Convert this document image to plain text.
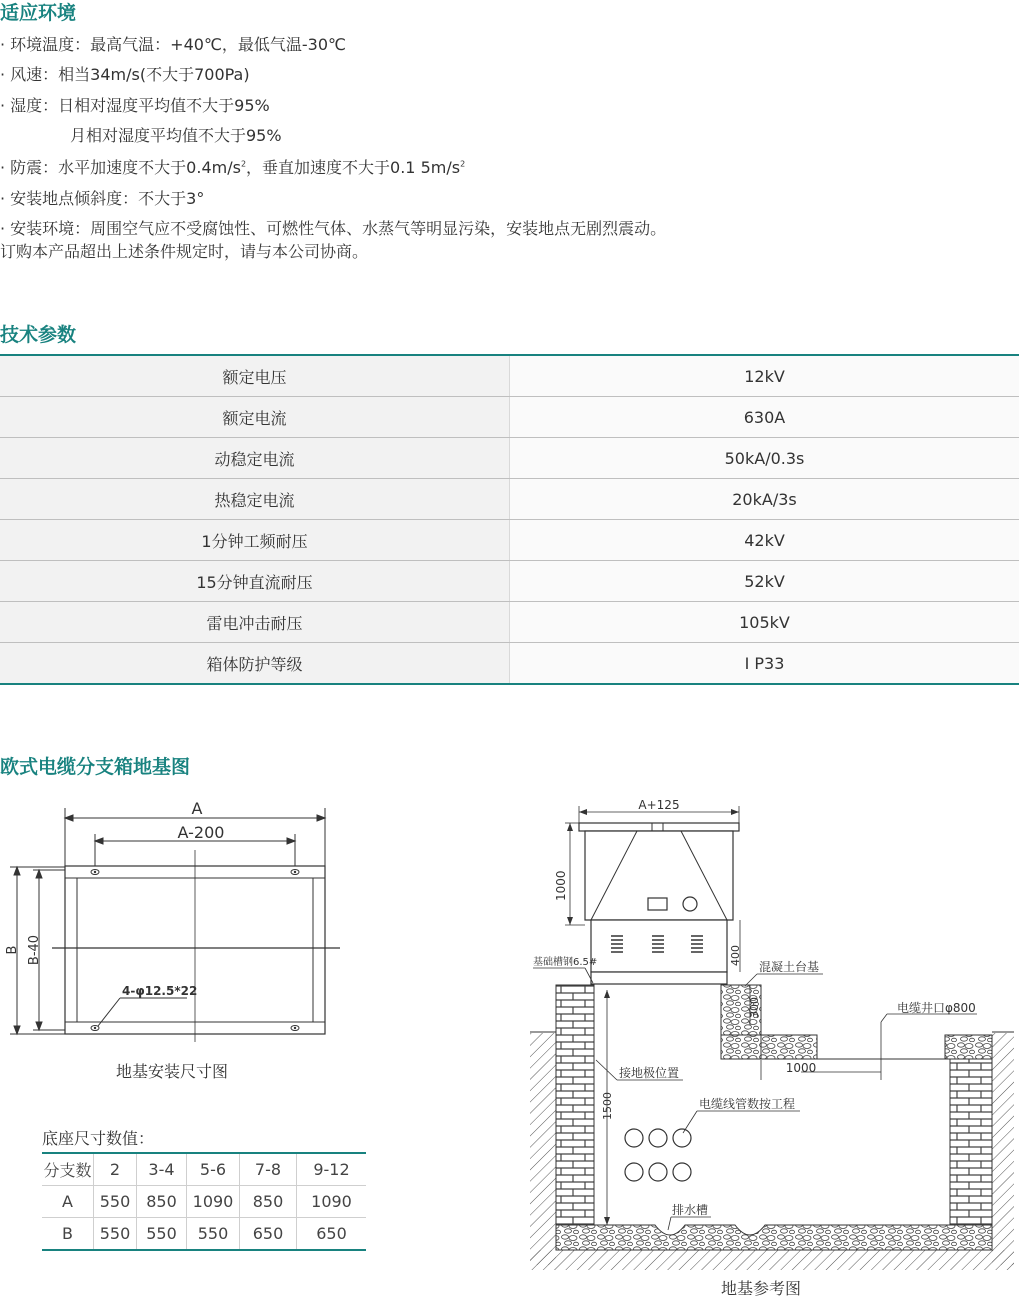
适应环境
· 环境温度：最高气温：+40℃，最低气温-30℃
· 风速：相当34m/s(不大于700Pa)
· 湿度：日相对湿度平均值不大于95%
月相对湿度平均值不大于95%
· 防震：水平加速度不大于$0.4m/s^2$，垂直加速度不大于0.1 $5m/s^2$
· 安装地点倾斜度：不大于3°
· 安装环境：周围空气应不受腐蚀性、可燃性气体、水蒸气等明显污染，安装地点无剧烈震动。
订购本产品超出上述条件规定时，请与本公司协商。
技术参数
额定电压	12kV
额定电流	630A
动稳定电流	50kA/0.3s
热稳定电流	20kA/3s
1分钟工频耐压	42kV
15分钟直流耐压	52kV
雷电冲击耐压	105kV
箱体防护等级	I P33
欧式电缆分支箱地基图
A
A-200
B B-40
4-φ12.5*22
地基安装尺寸图
底座尺寸数值：
分支数	2	3-4	5-6	7-8	9-12
A	550	850	1090	850	1090
B	550	550	550	650	650
A+125
1000
400
300
1500
1000
基础槽钢6.5#	混凝土台基
电缆井口φ800
接地极位置
电缆线管数按工程
排水槽
地基参考图
